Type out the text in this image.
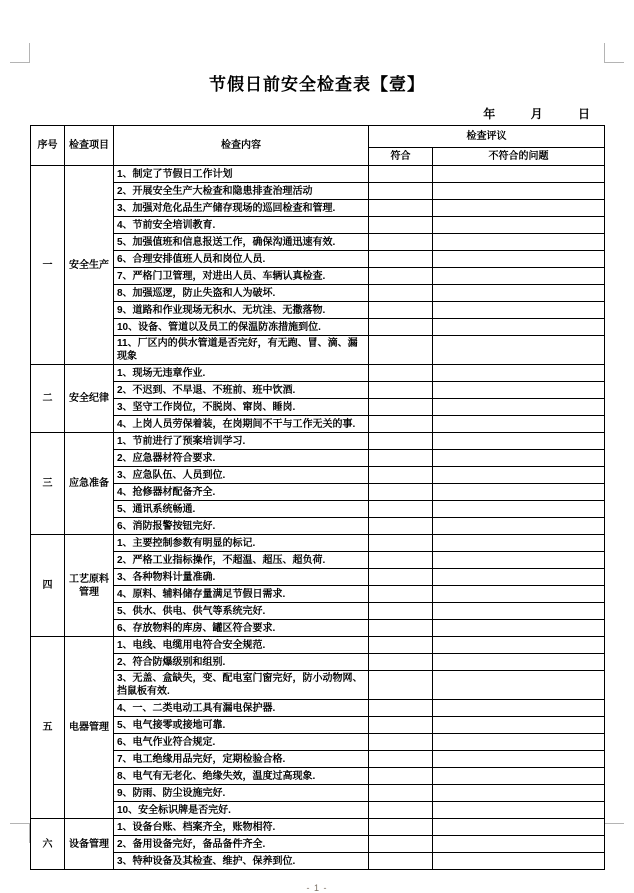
节假日前安全检查表【壹】
年	月	日
序号	检查项目	检查内容	检查评议	
			符合	不符合的问题
一	安全生产	1、制定了节假日工作计划		
		2、开展安全生产大检查和隐患排查治理活动		
		3、加强对危化品生产储存现场的巡回检查和管理.		
		4、节前安全培训教育.		
		5、加强值班和信息报送工作，确保沟通迅速有效.		
		6、合理安排值班人员和岗位人员.		
		7、严格门卫管理，对进出人员、车辆认真检查.		
		8、加强巡逻，防止失盗和人为破坏.		
		9、道路和作业现场无积水、无坑洼、无撒落物.		
		10、设备、管道以及员工的保温防冻措施到位.		
		11、厂区内的供水管道是否完好，有无跑、冒、滴、漏现象		
二	安全纪律	1、现场无违章作业.		
		2、不迟到、不早退、不班前、班中饮酒.		
		3、坚守工作岗位，不脱岗、窜岗、睡岗.		
		4、上岗人员劳保着装，在岗期间不干与工作无关的事.		
三	应急准备	1、节前进行了预案培训学习.		
		2、应急器材符合要求.		
		3、应急队伍、人员到位.		
		4、抢修器材配备齐全.		
		5、通讯系统畅通.		
		6、消防报警按钮完好.		
四	工艺原料管理	1、主要控制参数有明显的标记.		
		2、严格工业指标操作，不超温、超压、超负荷.		
		3、各种物料计量准确.		
		4、原料、辅料储存量满足节假日需求.		
		5、供水、供电、供气等系统完好.		
		6、存放物料的库房、罐区符合要求.		
五	电器管理	1、电线、电缆用电符合安全规范.		
		2、符合防爆级别和组别.		
		3、无盖、盒缺失，变、配电室门窗完好，防小动物网、挡鼠板有效.		
		4、一、二类电动工具有漏电保护器.		
		5、电气接零或接地可靠.		
		6、电气作业符合规定.		
		7、电工绝缘用品完好，定期检验合格.		
		8、电气有无老化、绝缘失效，温度过高现象.		
		9、防雨、防尘设施完好.		
		10、安全标识牌是否完好.		
六	设备管理	1、设备台账、档案齐全，账物相符.		
		2、备用设备完好，备品备件齐全.		
		3、特种设备及其检查、维护、保养到位.		
- 1 -
